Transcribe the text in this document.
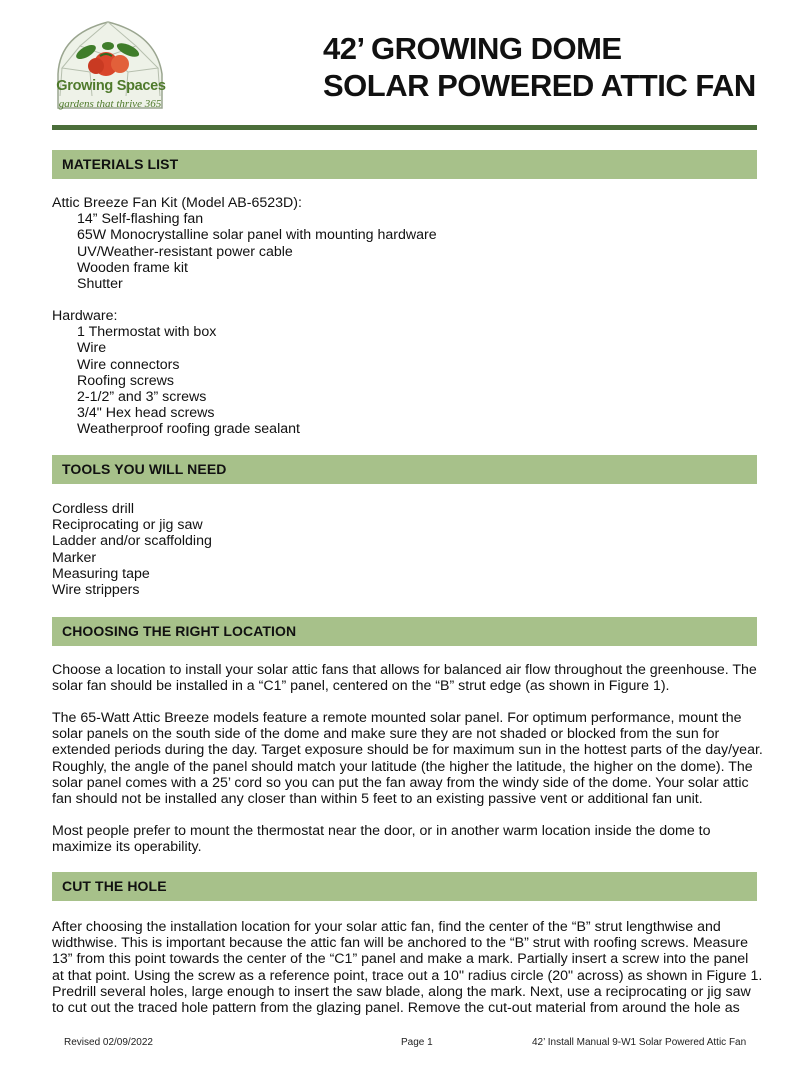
Growing Spaces
gardens that thrive 365
42’ GROWING DOME
SOLAR POWERED ATTIC FAN
MATERIALS LIST
Attic Breeze Fan Kit (Model AB-6523D):
14” Self-flashing fan
65W Monocrystalline solar panel with mounting hardware
UV/Weather-resistant power cable
Wooden frame kit
Shutter
Hardware:
1 Thermostat with box
Wire
Wire connectors
Roofing screws
2-1/2” and 3” screws
3/4" Hex head screws
Weatherproof roofing grade sealant
TOOLS YOU WILL NEED
Cordless drill
Reciprocating or jig saw
Ladder and/or scaffolding
Marker
Measuring tape
Wire strippers
CHOOSING THE RIGHT LOCATION

Choose a location to install your solar attic fans that allows for balanced air flow throughout the greenhouse. The solar fan should be installed in a “C1” panel, centered on the “B” strut edge (as shown in Figure 1).

The 65-Watt Attic Breeze models feature a remote mounted solar panel. For optimum performance, mount the solar panels on the south side of the dome and make sure they are not shaded or blocked from the sun for extended periods during the day. Target exposure should be for maximum sun in the hottest parts of the day/year. Roughly, the angle of the panel should match your latitude (the higher the latitude, the higher on the dome). The solar panel comes with a 25’ cord so you can put the fan away from the windy side of the dome. Your solar attic fan should not be installed any closer than within 5 feet to an existing passive vent or additional fan unit.

Most people prefer to mount the thermostat near the door, or in another warm location inside the dome to maximize its operability.

CUT THE HOLE

After choosing the installation location for your solar attic fan, find the center of the “B” strut lengthwise and widthwise. This is important because the attic fan will be anchored to the “B” strut with roofing screws. Measure 13” from this point towards the center of the “C1” panel and make a mark. Partially insert a screw into the panel at that point. Using the screw as a reference point, trace out a 10" radius circle (20" across) as shown in Figure 1. Predrill several holes, large enough to insert the saw blade, along the mark. Next, use a reciprocating or jig saw to cut out the traced hole pattern from the glazing panel. Remove the cut-out material from around the hole as

Revised 02/09/2022	Page 1	42’ Install Manual 9-W1 Solar Powered Attic Fan
